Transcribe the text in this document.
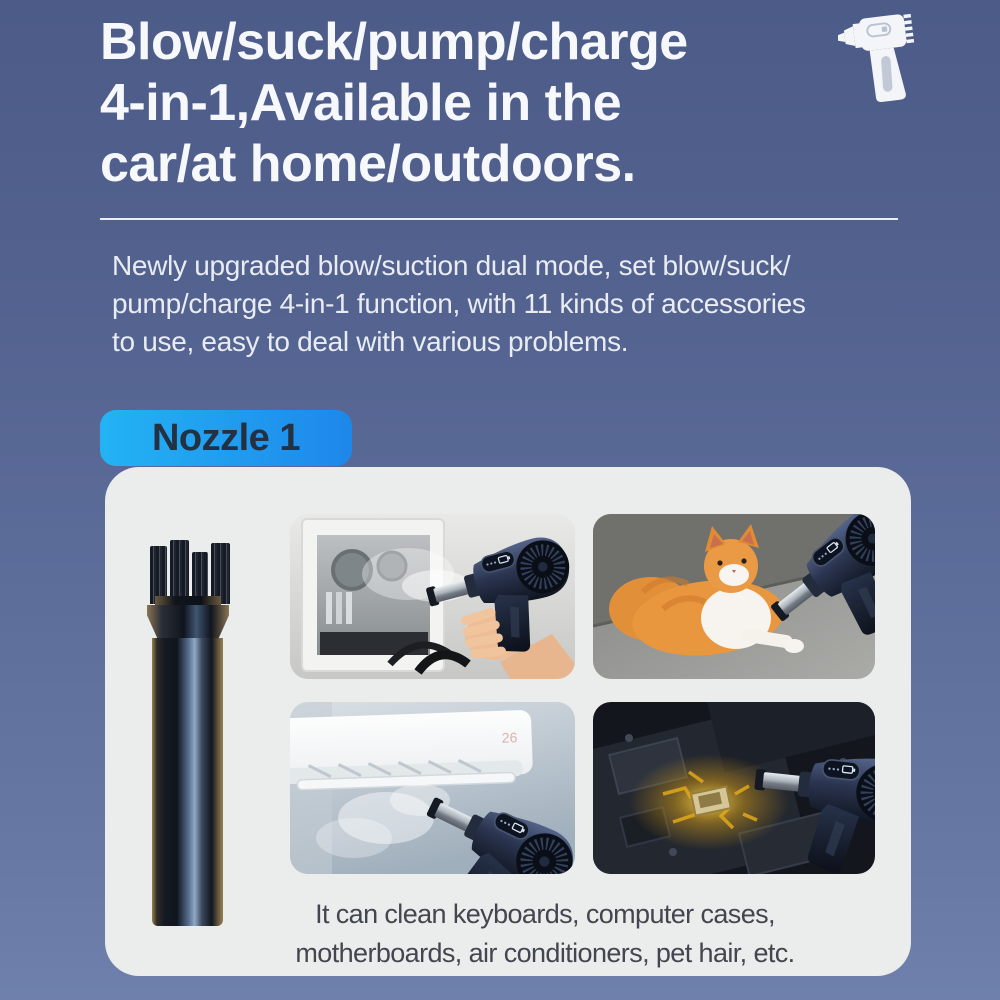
Blow/suck/pump/charge
4-in-1,Available in the
car/at home/outdoors.
Newly upgraded blow/suction dual mode, set blow/suck/
pump/charge 4-in-1 function, with 11 kinds of accessories
to use, easy to deal with various problems.
Nozzle 1
26
It can clean keyboards, computer cases,
motherboards, air conditioners, pet hair, etc.
